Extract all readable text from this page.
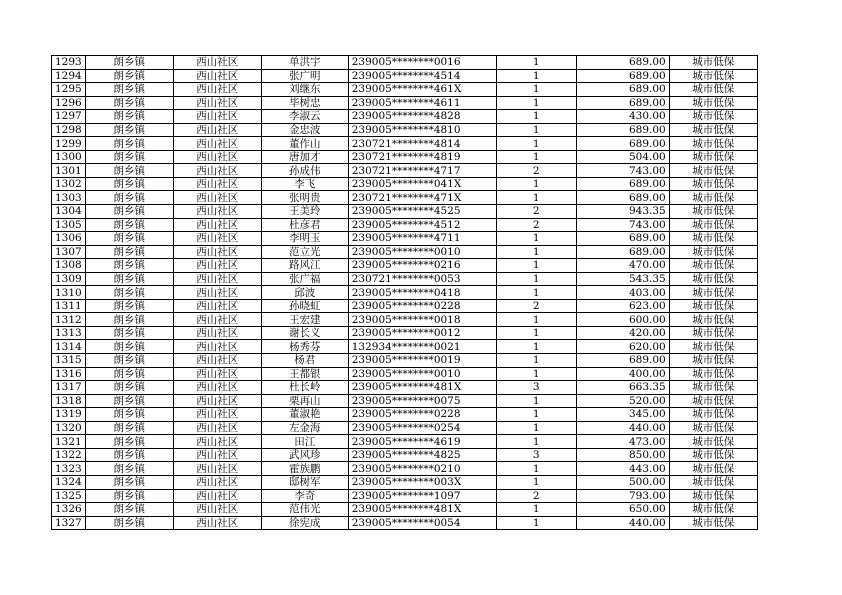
1293	朗乡镇	西山社区	单洪宇	239005********0016	1	689.00	城市低保
1294	朗乡镇	西山社区	张广明	239005********4514	1	689.00	城市低保
1295	朗乡镇	西山社区	刘继东	239005********461X	1	689.00	城市低保
1296	朗乡镇	西山社区	毕树忠	239005********4611	1	689.00	城市低保
1297	朗乡镇	西山社区	李淑云	239005********4828	1	430.00	城市低保
1298	朗乡镇	西山社区	金忠波	239005********4810	1	689.00	城市低保
1299	朗乡镇	西山社区	董作山	230721********4814	1	689.00	城市低保
1300	朗乡镇	西山社区	唐加才	230721********4819	1	504.00	城市低保
1301	朗乡镇	西山社区	孙成伟	230721********4717	2	743.00	城市低保
1302	朗乡镇	西山社区	李飞	239005********041X	1	689.00	城市低保
1303	朗乡镇	西山社区	张明贵	230721********471X	1	689.00	城市低保
1304	朗乡镇	西山社区	王美玲	239005********4525	2	943.35	城市低保
1305	朗乡镇	西山社区	杜彦君	239005********4512	2	743.00	城市低保
1306	朗乡镇	西山社区	李明玉	239005********4711	1	689.00	城市低保
1307	朗乡镇	西山社区	范立光	239005********0010	1	689.00	城市低保
1308	朗乡镇	西山社区	路风江	239005********0216	1	470.00	城市低保
1309	朗乡镇	西山社区	张广福	230721********0053	1	543.35	城市低保
1310	朗乡镇	西山社区	邱波	239005********0418	1	403.00	城市低保
1311	朗乡镇	西山社区	孙晓虹	239005********0228	2	623.00	城市低保
1312	朗乡镇	西山社区	王宏建	239005********0018	1	600.00	城市低保
1313	朗乡镇	西山社区	谢长义	239005********0012	1	420.00	城市低保
1314	朗乡镇	西山社区	杨秀芬	132934********0021	1	620.00	城市低保
1315	朗乡镇	西山社区	杨君	239005********0019	1	689.00	城市低保
1316	朗乡镇	西山社区	王都银	239005********0010	1	400.00	城市低保
1317	朗乡镇	西山社区	杜长岭	239005********481X	3	663.35	城市低保
1318	朗乡镇	西山社区	栗再山	239005********0075	1	520.00	城市低保
1319	朗乡镇	西山社区	董淑艳	239005********0228	1	345.00	城市低保
1320	朗乡镇	西山社区	左金海	239005********0254	1	440.00	城市低保
1321	朗乡镇	西山社区	田江	239005********4619	1	473.00	城市低保
1322	朗乡镇	西山社区	武风珍	239005********4825	3	850.00	城市低保
1323	朗乡镇	西山社区	霍族鹏	239005********0210	1	443.00	城市低保
1324	朗乡镇	西山社区	邸树军	239005********003X	1	500.00	城市低保
1325	朗乡镇	西山社区	李奇	239005********1097	2	793.00	城市低保
1326	朗乡镇	西山社区	范伟光	239005********481X	1	650.00	城市低保
1327	朗乡镇	西山社区	徐宪成	239005********0054	1	440.00	城市低保
